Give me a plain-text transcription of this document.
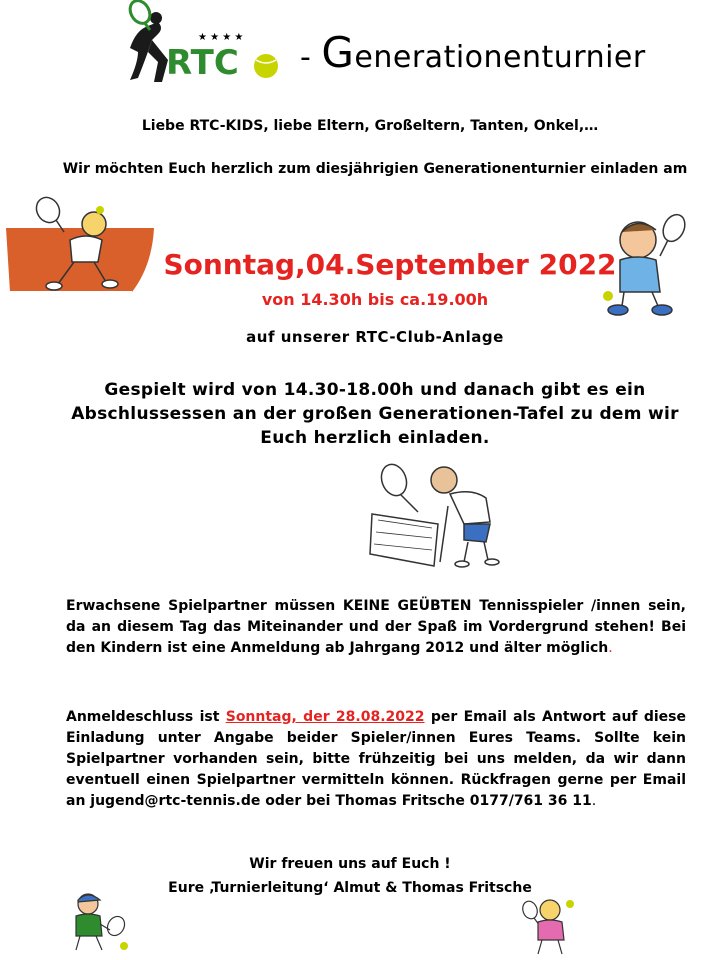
★ ★ ★ ★
RTC - Generationenturnier
Liebe RTC-KIDS, liebe Eltern, Großeltern, Tanten, Onkel,…
Wir möchten Euch herzlich zum diesjährigien Generationenturnier einladen am
Sonntag,04.September 2022
von 14.30h bis ca.19.00h
auf unserer RTC-Club-Anlage
Gespielt wird von 14.30-18.00h und danach gibt es ein Abschlussessen an der großen Generationen-Tafel zu dem wir Euch herzlich einladen.
Erwachsene Spielpartner müssen KEINE GEÜBTEN Tennisspieler /innen sein, da an diesem Tag das Miteinander und der Spaß im Vordergrund stehen! Bei den Kindern ist eine Anmeldung ab Jahrgang 2012 und älter möglich.
Anmeldeschluss ist Sonntag, der 28.08.2022 per Email als Antwort auf diese Einladung unter Angabe beider Spieler/innen Eures Teams. Sollte kein Spielpartner vorhanden sein, bitte frühzeitig bei uns melden, da wir dann eventuell einen Spielpartner vermitteln können. Rückfragen gerne per Email an jugend@rtc-tennis.de oder bei Thomas Fritsche 0177/761 36 11.
Wir freuen uns auf Euch !
Eure ‚Turnierleitung‘ Almut & Thomas Fritsche
